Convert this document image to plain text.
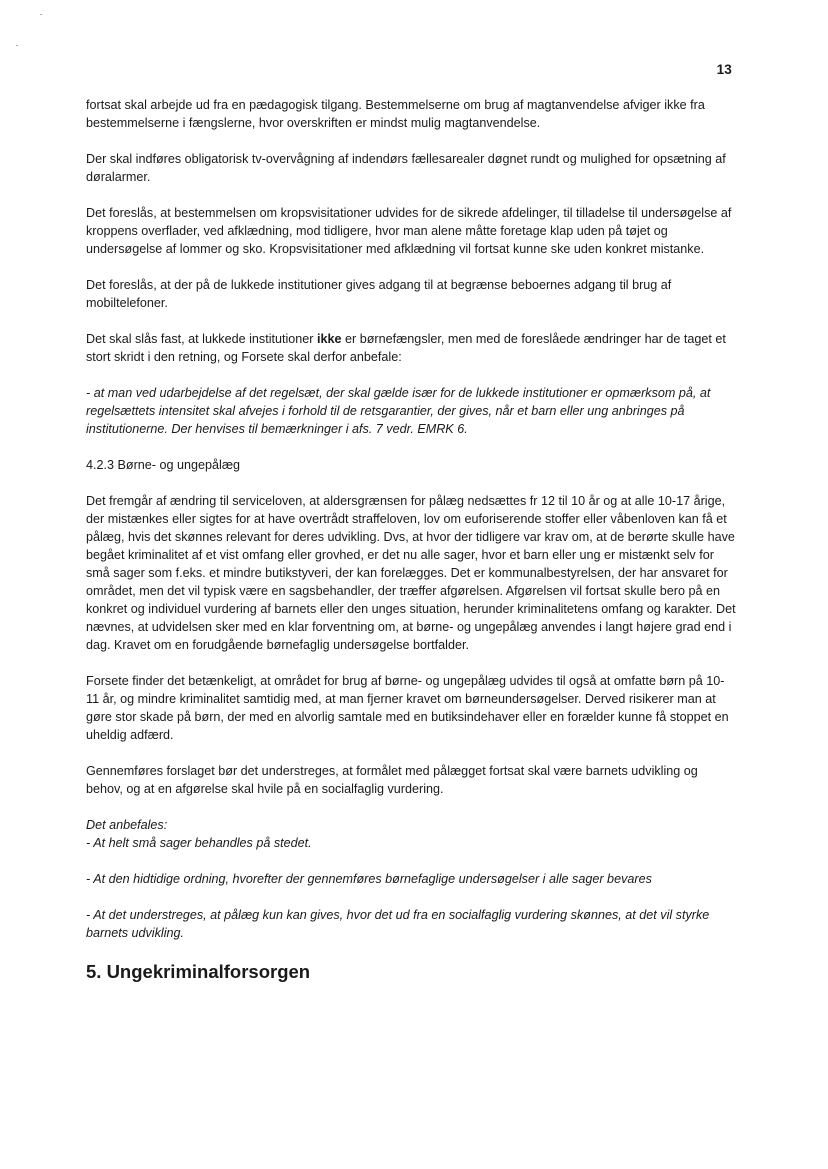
13

fortsat skal arbejde ud fra en pædagogisk tilgang. Bestemmelserne om brug af magtanvendelse afviger ikke fra bestemmelserne i fængslerne, hvor overskriften er mindst mulig magtanvendelse.

Der skal indføres obligatorisk tv-overvågning af indendørs fællesarealer døgnet rundt og mulighed for opsætning af døralarmer.

Det foreslås, at bestemmelsen om kropsvisitationer udvides for de sikrede afdelinger, til tilladelse til undersøgelse af kroppens overflader, ved afklædning, mod tidligere, hvor man alene måtte foretage klap uden på tøjet og undersøgelse af lommer og sko. Kropsvisitationer med afklædning vil fortsat kunne ske uden konkret mistanke.

Det foreslås, at der på de lukkede institutioner gives adgang til at begrænse beboernes adgang til brug af mobiltelefoner.

Det skal slås fast, at lukkede institutioner ikke er børnefængsler, men med de foreslåede ændringer har de taget et stort skridt i den retning, og Forsete skal derfor anbefale:

- at man ved udarbejdelse af det regelsæt, der skal gælde især for de lukkede institutioner er opmærksom på, at regelsættets intensitet skal afvejes i forhold til de retsgarantier, der gives, når et barn eller ung anbringes på institutionerne. Der henvises til bemærkninger i afs. 7 vedr. EMRK 6.

4.2.3 Børne- og ungepålæg

Det fremgår af ændring til serviceloven, at aldersgrænsen for pålæg nedsættes fr 12 til 10 år og at alle 10-17 årige, der mistænkes eller sigtes for at have overtrådt straffeloven, lov om euforiserende stoffer eller våbenloven kan få et pålæg, hvis det skønnes relevant for deres udvikling. Dvs, at hvor der tidligere var krav om, at de berørte skulle have begået kriminalitet af et vist omfang eller grovhed, er det nu alle sager, hvor et barn eller ung er mistænkt selv for små sager som f.eks. et mindre butikstyveri, der kan forelægges. Det er kommunalbestyrelsen, der har ansvaret for området, men det vil typisk være en sagsbehandler, der træffer afgørelsen. Afgørelsen vil fortsat skulle bero på en konkret og individuel vurdering af barnets eller den unges situation, herunder kriminalitetens omfang og karakter. Det nævnes, at udvidelsen sker med en klar forventning om, at børne- og ungepålæg anvendes i langt højere grad end i dag. Kravet om en forudgående børnefaglig undersøgelse bortfalder.

Forsete finder det betænkeligt, at området for brug af børne- og ungepålæg udvides til også at omfatte børn på 10-11 år, og mindre kriminalitet samtidig med, at man fjerner kravet om børneundersøgelser. Derved risikerer man at gøre stor skade på børn, der med en alvorlig samtale med en butiksindehaver eller en forælder kunne få stoppet en uheldig adfærd.

Gennemføres forslaget bør det understreges, at formålet med pålægget fortsat skal være barnets udvikling og behov, og at en afgørelse skal hvile på en socialfaglig vurdering.

Det anbefales:

- At helt små sager behandles på stedet.

- At den hidtidige ordning, hvorefter der gennemføres børnefaglige undersøgelser i alle sager bevares

- At det understreges, at pålæg kun kan gives, hvor det ud fra en socialfaglig vurdering skønnes, at det vil styrke barnets udvikling.

5. Ungekriminalforsorgen
